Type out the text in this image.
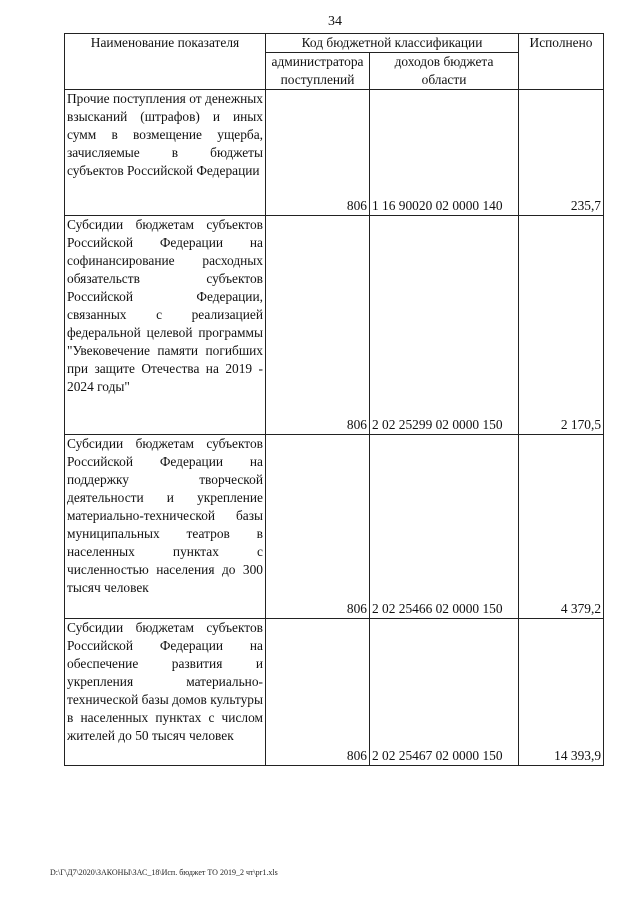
34
Наименование показателя	Код бюджетной классификации		Исполнено
	администратора поступлений	доходов бюджета области	
Прочие поступления от денежных взысканий (штрафов) и иных сумм в возмещение ущерба, зачисляемые в бюджеты субъектов Российской Федерации	806	1 16 90020 02 0000 140	235,7
Субсидии бюджетам субъектов Российской Федерации на софинансирование расходных обязательств субъектов Российской Федерации, связанных с реализацией федеральной целевой программы "Увековечение памяти погибших при защите Отечества на 2019 - 2024 годы"	806	2 02 25299 02 0000 150	2 170,5
Субсидии бюджетам субъектов Российской Федерации на поддержку творческой деятельности и укрепление материально-технической базы муниципальных театров в населенных пунктах с численностью населения до 300 тысяч человек	806	2 02 25466 02 0000 150	4 379,2
Субсидии бюджетам субъектов Российской Федерации на обеспечение развития и укрепления материально-технической базы домов культуры в населенных пунктах с числом жителей до 50 тысяч человек	806	2 02 25467 02 0000 150	14 393,9
D:\Г\Д7\2020\ЗАКОНЫ\ЗАС_18\Исп. бюджет ТО 2019_2 чт\pr1.xls
